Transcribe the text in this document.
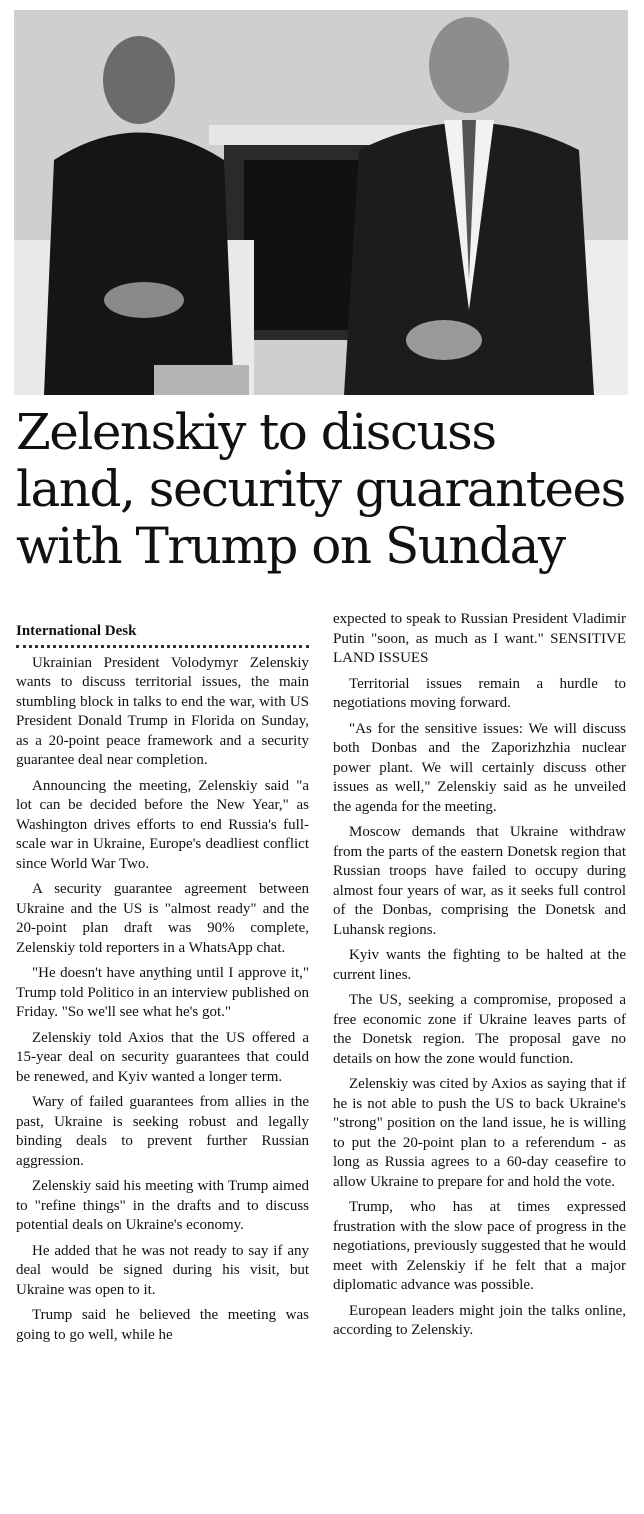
Zelenskiy to discuss
land, security guarantees
with Trump on Sunday
International Desk

Ukrainian President Volodymyr Zelenskiy wants to discuss territorial issues, the main stumbling block in talks to end the war, with US President Donald Trump in Florida on Sunday, as a 20-point peace framework and a security guarantee deal near completion.

Announcing the meeting, Zelenskiy said "a lot can be decided before the New Year," as Washington drives efforts to end Russia's full-scale war in Ukraine, Europe's deadliest conflict since World War Two.

A security guarantee agreement between Ukraine and the US is "almost ready" and the 20-point plan draft was 90% complete, Zelenskiy told reporters in a WhatsApp chat.

"He doesn't have anything until I approve it," Trump told Politico in an interview published on Friday. "So we'll see what he's got."

Zelenskiy told Axios that the US offered a 15-year deal on security guarantees that could be renewed, and Kyiv wanted a longer term.

Wary of failed guarantees from allies in the past, Ukraine is seeking robust and legally binding deals to prevent further Russian aggression.

Zelenskiy said his meeting with Trump aimed to "refine things" in the drafts and to discuss potential deals on Ukraine's economy.

He added that he was not ready to say if any deal would be signed during his visit, but Ukraine was open to it.

Trump said he believed the meeting was going to go well, while he

expected to speak to Russian President Vladimir Putin "soon, as much as I want." SENSITIVE LAND ISSUES

Territorial issues remain a hurdle to negotiations moving forward.

"As for the sensitive issues: We will discuss both Donbas and the Zaporizhzhia nuclear power plant. We will certainly discuss other issues as well," Zelenskiy said as he unveiled the agenda for the meeting.

Moscow demands that Ukraine withdraw from the parts of the eastern Donetsk region that Russian troops have failed to occupy during almost four years of war, as it seeks full control of the Donbas, comprising the Donetsk and Luhansk regions.

Kyiv wants the fighting to be halted at the current lines.

The US, seeking a compromise, proposed a free economic zone if Ukraine leaves parts of the Donetsk region. The proposal gave no details on how the zone would function.

Zelenskiy was cited by Axios as saying that if he is not able to push the US to back Ukraine's "strong" position on the land issue, he is willing to put the 20-point plan to a referendum - as long as Russia agrees to a 60-day ceasefire to allow Ukraine to prepare for and hold the vote.

Trump, who has at times expressed frustration with the slow pace of progress in the negotiations, previously suggested that he would meet with Zelenskiy if he felt that a major diplomatic advance was possible.

European leaders might join the talks online, according to Zelenskiy.
